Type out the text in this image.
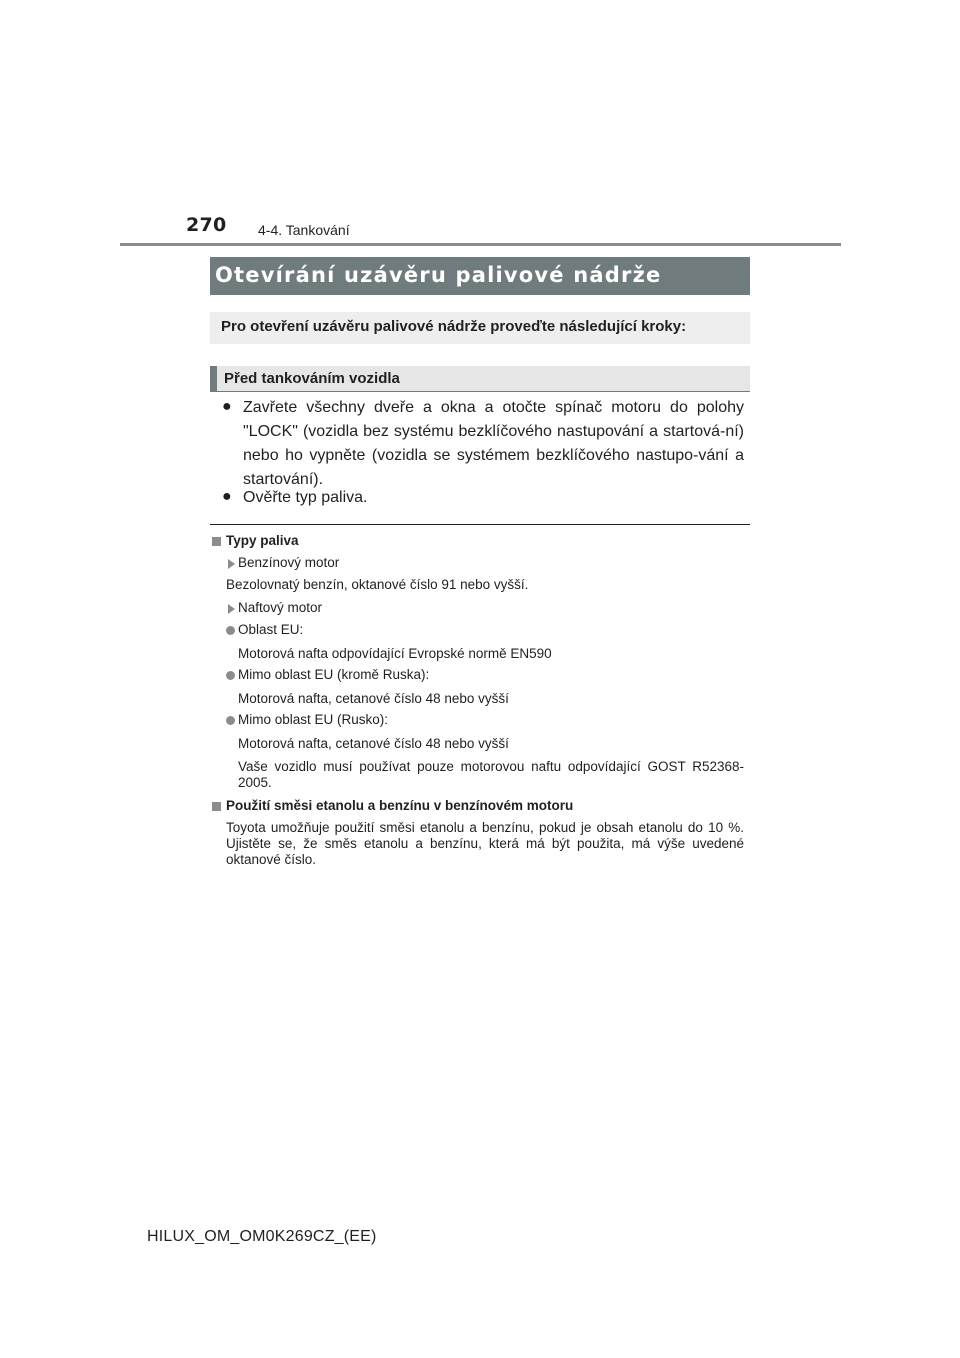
270 4-4. Tankování
Otevírání uzávěru palivové nádrže
Pro otevření uzávěru palivové nádrže proveďte následující kroky:
Před tankováním vozidla
● Zavřete všechny dveře a okna a otočte spínač motoru do polohy "LOCK" (vozidla bez systému bezklíčového nastupování a startová-ní) nebo ho vypněte (vozidla se systémem bezklíčového nastupo-vání a startování).
● Ověřte typ paliva.
Typy paliva
Benzínový motor
Bezolovnatý benzín, oktanové číslo 91 nebo vyšší.
Naftový motor
Oblast EU:
Motorová nafta odpovídající Evropské normě EN590
Mimo oblast EU (kromě Ruska):
Motorová nafta, cetanové číslo 48 nebo vyšší
Mimo oblast EU (Rusko):
Motorová nafta, cetanové číslo 48 nebo vyšší
Vaše vozidlo musí používat pouze motorovou naftu odpovídající GOST R52368-2005.
Použití směsi etanolu a benzínu v benzínovém motoru
Toyota umožňuje použití směsi etanolu a benzínu, pokud je obsah etanolu do 10 %. Ujistěte se, že směs etanolu a benzínu, která má být použita, má výše uvedené oktanové číslo.
HILUX_OM_OM0K269CZ_(EE)
